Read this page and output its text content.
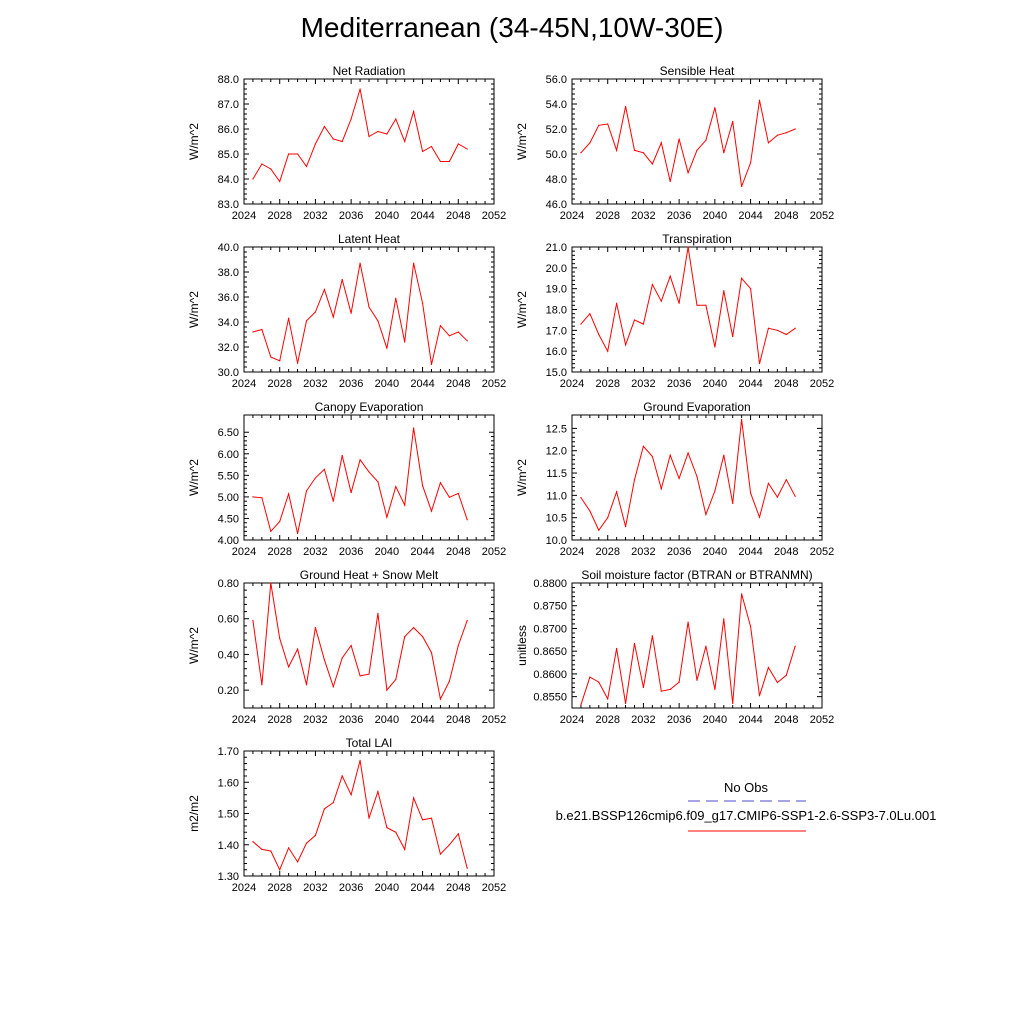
Mediterranean (34-45N,10W-30E)
Net Radiation
W/m^2
2024 2028 2032 2036 2040 2044 2048 2052
83.0
84.0
85.0
86.0
87.0
88.0
Sensible Heat
W/m^2
2024 2028 2032 2036 2040 2044 2048 2052
46.0
48.0
50.0
52.0
54.0
56.0
Latent Heat
W/m^2
2024 2028 2032 2036 2040 2044 2048 2052
30.0
32.0
34.0
36.0
38.0
40.0
Transpiration
W/m^2
2024 2028 2032 2036 2040 2044 2048 2052
15.0
16.0
17.0
18.0
19.0
20.0
21.0
Canopy Evaporation
W/m^2
2024 2028 2032 2036 2040 2044 2048 2052
4.00
4.50
5.00
5.50
6.00
6.50
Ground Evaporation
W/m^2
2024 2028 2032 2036 2040 2044 2048 2052
10.0
10.5
11.0
11.5
12.0
12.5
Ground Heat + Snow Melt
W/m^2
2024 2028 2032 2036 2040 2044 2048 2052
0.20
0.40
0.60
0.80
Soil moisture factor (BTRAN or BTRANMN)
unitless
2024 2028 2032 2036 2040 2044 2048 2052
0.8550
0.8600
0.8650
0.8700
0.8750
0.8800
Total LAI
m2/m2
2024 2028 2032 2036 2040 2044 2048 2052
1.30
1.40
1.50
1.60
1.70
No Obs
b.e21.BSSP126cmip6.f09_g17.CMIP6-SSP1-2.6-SSP3-7.0Lu.001
